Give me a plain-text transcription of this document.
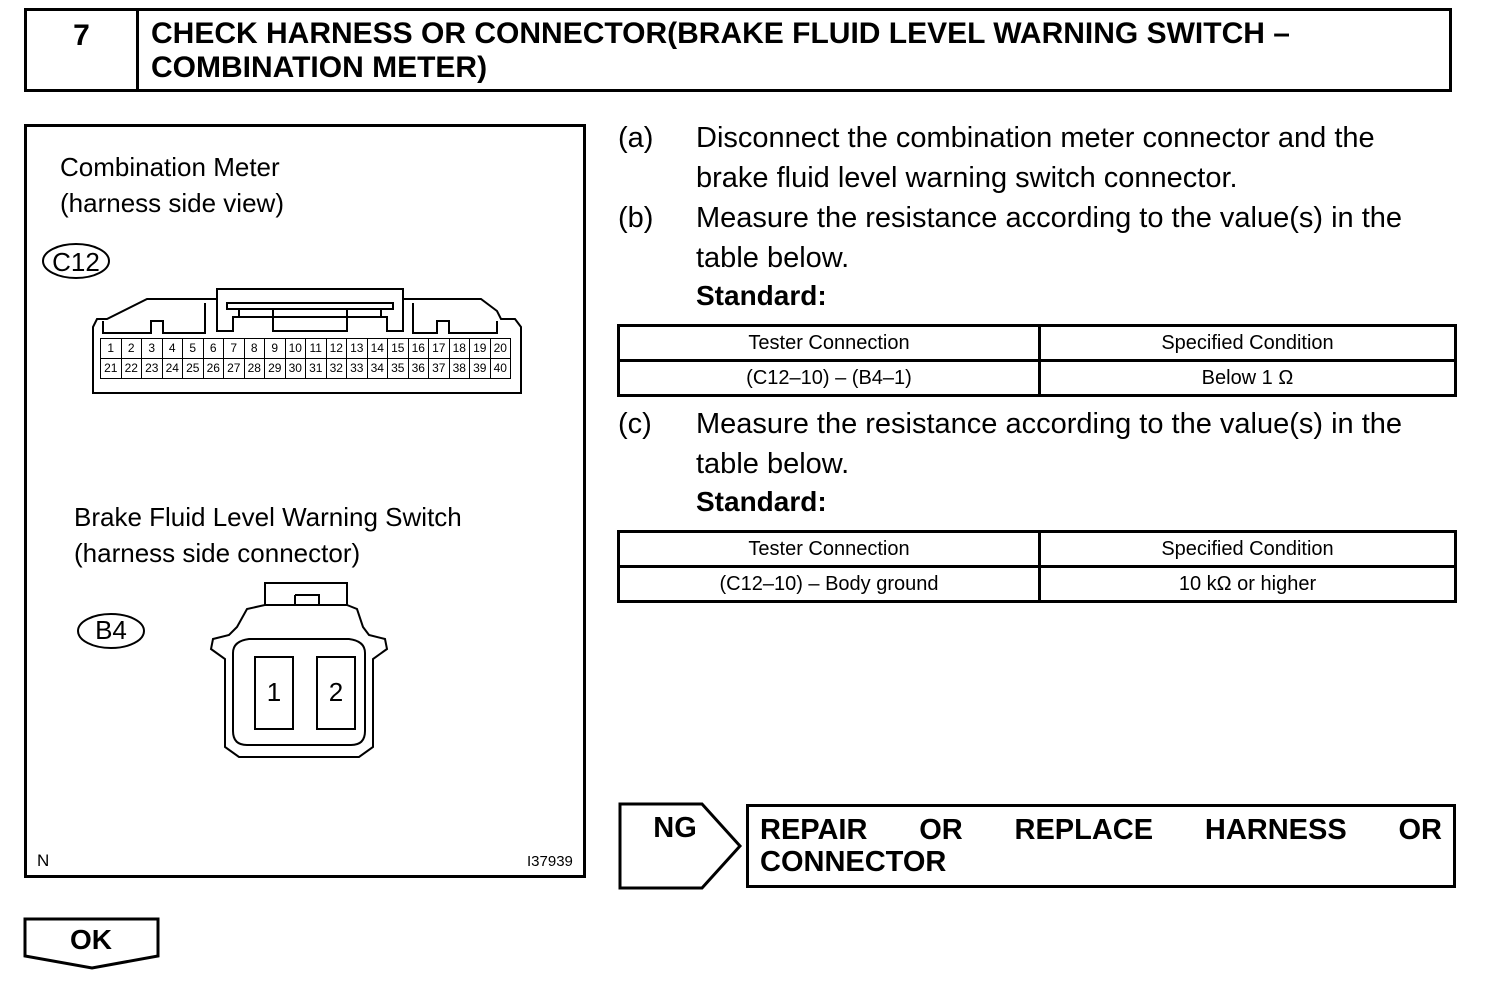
7	CHECK HARNESS OR CONNECTOR(BRAKE FLUID LEVEL WARNING SWITCH –
COMBINATION METER)
Combination Meter
(harness side view)
C12
1	2	3	4	5	6	7	8	9 10 11 12 13 14 15 16 17 18 19 20
21 22 23 24 25 26 27 28 29 30 31 32 33 34 35 36 37 38 39 40
Brake Fluid Level Warning Switch
(harness side connector)
B4
1	2
N	I37939
(a) Disconnect the combination meter connector and the
brake fluid level warning switch connector.
(b) Measure the resistance according to the value(s) in the
table below.
Standard:
Tester Connection	Specified Condition
(C12–10) – (B4–1)	Below 1 Ω
(c) Measure the resistance according to the value(s) in the
table below.
Standard:
Tester Connection	Specified Condition
(C12–10) – Body ground	10 kΩ or higher
NG	REPAIR OR REPLACE HARNESS OR
CONNECTOR
OK
